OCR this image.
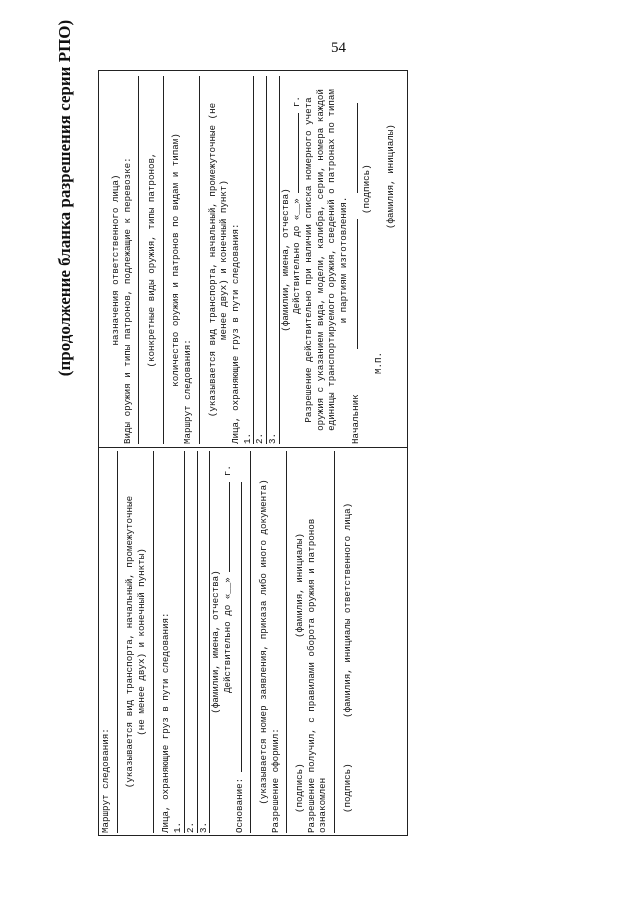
54
(продолжение бланка разрешения серии РПО)
Маршрут следования: (указывается вид транспорта, начальный, промежуточные (не менее двух) и конечный пункты) Лица, охраняющие груз в пути следования: 1. 2. 3.
(фамилии, имена, отчества) Действительно до «__»  г.
Основание:
(указывается номер заявления, приказа либо иного документа) Разрешение оформил: (подпись) (фамилия, инициалы) Разрешение получил, с правилами оборота оружия и патронов ознакомлен (подпись) (фамилия, инициалы ответственного лица)
назначения ответственного лица) Виды оружия и типы патронов, подлежащие к перевозке: (конкретные виды оружия, типы патронов, количество оружия и патронов по видам и типам)
Маршрут следования: (указывается вид транспорта, начальный, промежуточные (не менее двух) и конечный пункт) Лица, охраняющие груз в пути следования: 1. 2. 3.
(фамилии, имена, отчества) Действительно до «__»  г. Разрешение действительно при наличии списка номерного учета оружия с указанием вида, модели, калибра, серии, номера каждой единицы транспортируемого оружия, сведений о патронах по типам и партиям изготовления.
Начальник
(подпись)
М.П.
(фамилия, инициалы)
